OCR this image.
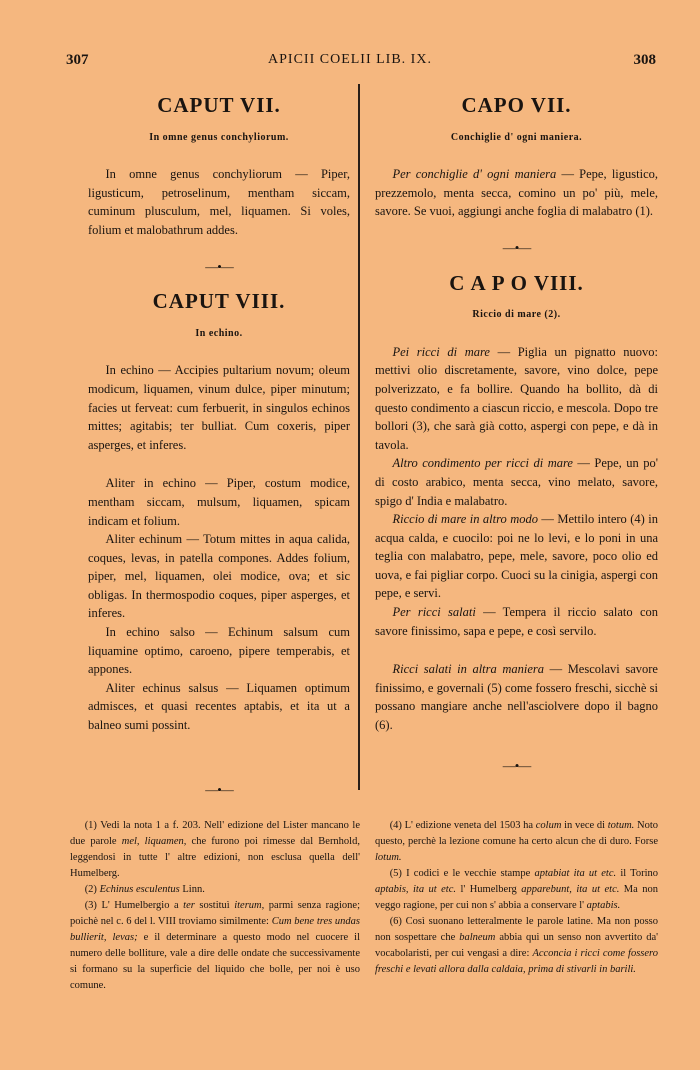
307	APICII COELII LIB. IX.	308
CAPUT VII.
In omne genus conchyliorum.

In omne genus conchyliorum — Piper, ligusticum, petroselinum, mentham siccam, cuminum plusculum, mel, liquamen. Si voles, folium et malobathrum addes.

—•—
CAPUT VIII.
In echino.

In echino — Accipies pultarium novum; oleum modicum, liquamen, vinum dulce, piper minutum; facies ut ferveat: cum ferbuerit, in singulos echinos mittes; agitabis; ter bulliat. Cum coxeris, piper asperges, et inferes.

Aliter in echino — Piper, costum modice, mentham siccam, mulsum, liquamen, spicam indicam et folium.

Aliter echinum — Totum mittes in aqua calida, coques, levas, in patella compones. Addes folium, piper, mel, liquamen, olei modice, ova; et sic obligas. In thermospodio coques, piper asperges, et inferes.

In echino salso — Echinum salsum cum liquamine optimo, caroeno, pipere temperabis, et appones.

Aliter echinus salsus — Liquamen optimum admisces, et quasi recentes aptabis, et ita ut a balneo sumi possint.

—•—
CAPO VII.
Conchiglie d' ogni maniera.

Per conchiglie d' ogni maniera — Pepe, ligustico, prezzemolo, menta secca, comino un po' più, mele, savore. Se vuoi, aggiungi anche foglia di malabatro (1).

—•—
C A P O VIII.
Riccio di mare (2).

Pei ricci di mare — Piglia un pignatto nuovo: mettivi olio discretamente, savore, vino dolce, pepe polverizzato, e fa bollire. Quando ha bollito, dà di questo condimento a ciascun riccio, e mescola. Dopo tre bollori (3), che sarà già cotto, aspergi con pepe, e dà in tavola.

Altro condimento per ricci di mare — Pepe, un po' di costo arabico, menta secca, vino melato, savore, spigo d' India e malabatro.

Riccio di mare in altro modo — Mettilo intero (4) in acqua calda, e cuocilo: poi ne lo levi, e lo poni in una teglia con malabatro, pepe, mele, savore, poco olio ed uova, e fai pigliar corpo. Cuoci su la cinigia, aspergi con pepe, e servi.

Per ricci salati — Tempera il riccio salato con savore finissimo, sapa e pepe, e così servilo.

Ricci salati in altra maniera — Mescolavi savore finissimo, e governali (5) come fossero freschi, sicchè si possano mangiare anche nell'asciolvere dopo il bagno (6).

—•—

(1) Vedi la nota 1 a f. 203. Nell' edizione del Lister mancano le due parole mel, liquamen, che furono poi rimesse dal Bernhold, leggendosi in tutte l' altre edizioni, non esclusa quella dell' Humelberg.

(2) Echinus esculentus Linn.

(3) L' Humelbergio a ter sostituì iterum, parmi senza ragione; poichè nel c. 6 del l. VIII troviamo similmente: Cum bene tres undas bullierit, levas; e il determinare a questo modo nel cuocere il numero delle bolliture, vale a dire delle ondate che successivamente si formano su la superficie del liquido che bolle, per noi è uso comune.

(4) L' edizione veneta del 1503 ha colum in vece di totum. Noto questo, perchè la lezione comune ha certo alcun che di duro. Forse lotum.

(5) I codici e le vecchie stampe aptabiat ita ut etc. il Torino aptabis, ita ut etc. l' Humelberg apparebunt, ita ut etc. Ma non veggo ragione, per cui non s' abbia a conservare l' aptabis.

(6) Così suonano letteralmente le parole latine. Ma non posso non sospettare che balneum abbia qui un senso non avvertito da' vocabolaristi, per cui vengasi a dire: Acconcia i ricci come fossero freschi e levati allora dalla caldaia, prima di stivarli in barili.
